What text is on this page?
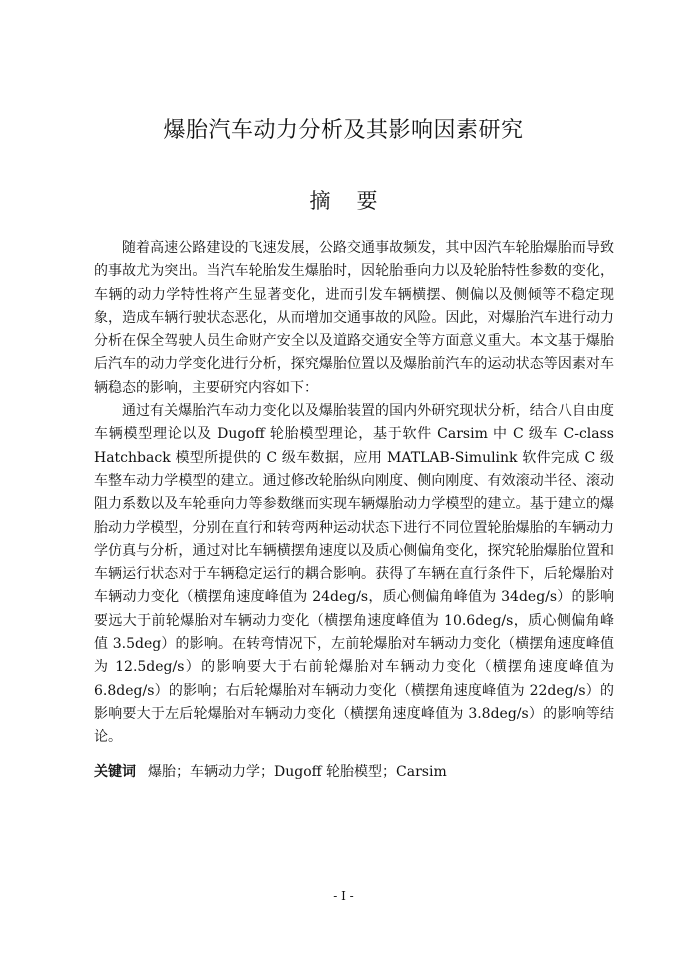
爆胎汽车动力分析及其影响因素研究
摘要

随着高速公路建设的飞速发展，公路交通事故频发，其中因汽车轮胎爆胎而导致的事故尤为突出。当汽车轮胎发生爆胎时，因轮胎垂向力以及轮胎特性参数的变化，车辆的动力学特性将产生显著变化，进而引发车辆横摆、侧偏以及侧倾等不稳定现象，造成车辆行驶状态恶化，从而增加交通事故的风险。因此，对爆胎汽车进行动力分析在保全驾驶人员生命财产安全以及道路交通安全等方面意义重大。本文基于爆胎后汽车的动力学变化进行分析，探究爆胎位置以及爆胎前汽车的运动状态等因素对车辆稳态的影响，主要研究内容如下：

通过有关爆胎汽车动力变化以及爆胎装置的国内外研究现状分析，结合八自由度车辆模型理论以及 Dugoff 轮胎模型理论，基于软件 Carsim 中 C 级车 C-class Hatchback 模型所提供的 C 级车数据，应用 MATLAB-Simulink 软件完成 C 级车整车动力学模型的建立。通过修改轮胎纵向刚度、侧向刚度、有效滚动半径、滚动阻力系数以及车轮垂向力等参数继而实现车辆爆胎动力学模型的建立。基于建立的爆胎动力学模型，分别在直行和转弯两种运动状态下进行不同位置轮胎爆胎的车辆动力学仿真与分析，通过对比车辆横摆角速度以及质心侧偏角变化，探究轮胎爆胎位置和车辆运行状态对于车辆稳定运行的耦合影响。获得了车辆在直行条件下，后轮爆胎对车辆动力变化（横摆角速度峰值为 24deg/s，质心侧偏角峰值为 34deg/s）的影响要远大于前轮爆胎对车辆动力变化（横摆角速度峰值为 10.6deg/s，质心侧偏角峰值 3.5deg）的影响。在转弯情况下，左前轮爆胎对车辆动力变化（横摆角速度峰值为 12.5deg/s）的影响要大于右前轮爆胎对车辆动力变化（横摆角速度峰值为 6.8deg/s）的影响；右后轮爆胎对车辆动力变化（横摆角速度峰值为 22deg/s）的影响要大于左后轮爆胎对车辆动力变化（横摆角速度峰值为 3.8deg/s）的影响等结论。

关键词 爆胎；车辆动力学；Dugoff 轮胎模型；Carsim
- I -
